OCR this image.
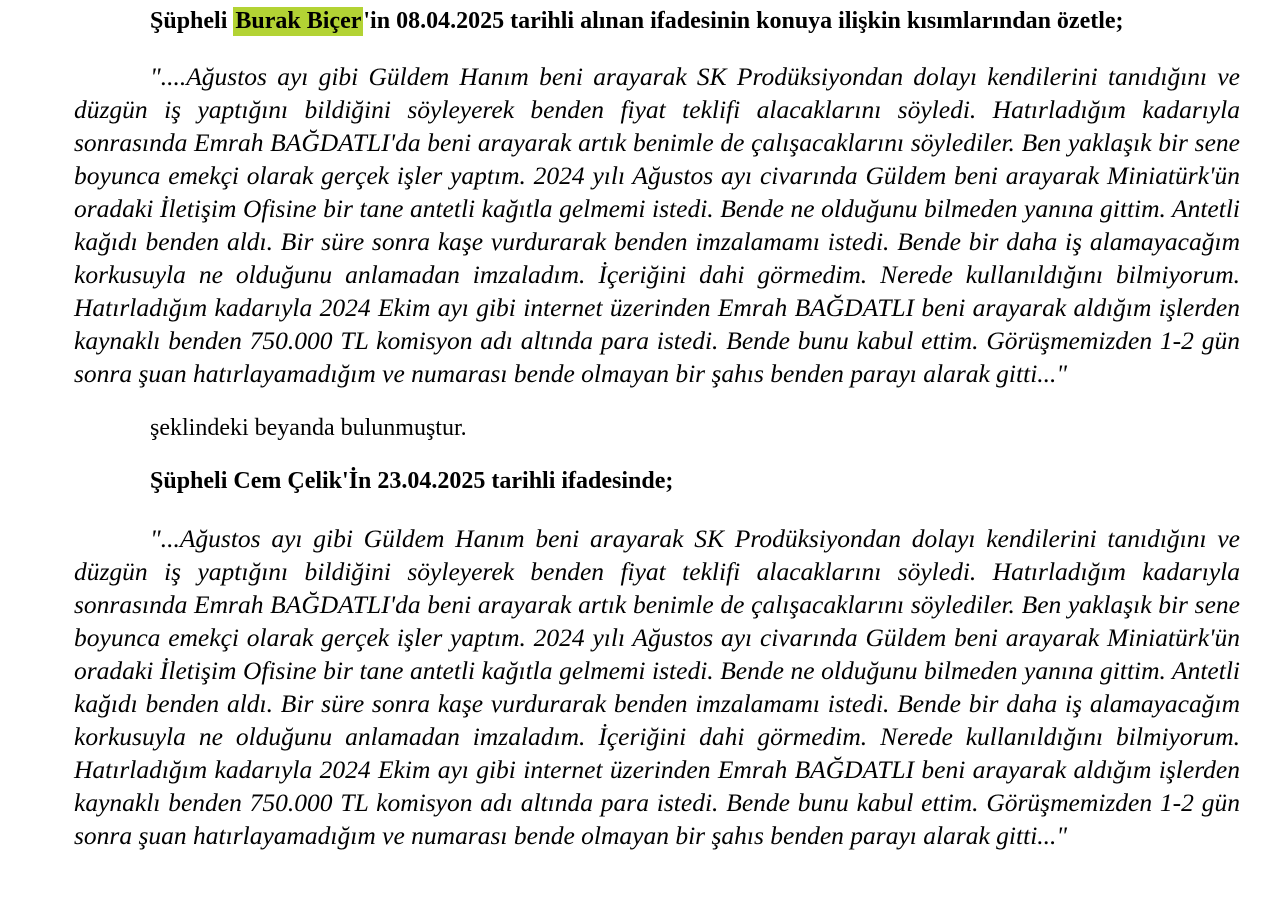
Şüpheli Burak Biçer'in 08.04.2025 tarihli alınan ifadesinin konuya ilişkin kısımlarından özetle;

"....Ağustos ayı gibi Güldem Hanım beni arayarak SK Prodüksiyondan dolayı kendilerini tanıdığını ve düzgün iş yaptığını bildiğini söyleyerek benden fiyat teklifi alacaklarını söyledi. Hatırladığım kadarıyla sonrasında Emrah BAĞDATLI'da beni arayarak artık benimle de çalışacaklarını söylediler. Ben yaklaşık bir sene boyunca emekçi olarak gerçek işler yaptım. 2024 yılı Ağustos ayı civarında Güldem beni arayarak Miniatürk'ün oradaki İletişim Ofisine bir tane antetli kağıtla gelmemi istedi. Bende ne olduğunu bilmeden yanına gittim. Antetli kağıdı benden aldı. Bir süre sonra kaşe vurdurarak benden imzalamamı istedi. Bende bir daha iş alamayacağım korkusuyla ne olduğunu anlamadan imzaladım. İçeriğini dahi görmedim. Nerede kullanıldığını bilmiyorum. Hatırladığım kadarıyla 2024 Ekim ayı gibi internet üzerinden Emrah BAĞDATLI beni arayarak aldığım işlerden kaynaklı benden 750.000 TL komisyon adı altında para istedi. Bende bunu kabul ettim. Görüşmemizden 1-2 gün sonra şuan hatırlayamadığım ve numarası bende olmayan bir şahıs benden parayı alarak gitti..."

şeklindeki beyanda bulunmuştur.

Şüpheli Cem Çelik'İn 23.04.2025 tarihli ifadesinde;

"...Ağustos ayı gibi Güldem Hanım beni arayarak SK Prodüksiyondan dolayı kendilerini tanıdığını ve düzgün iş yaptığını bildiğini söyleyerek benden fiyat teklifi alacaklarını söyledi. Hatırladığım kadarıyla sonrasında Emrah BAĞDATLI'da beni arayarak artık benimle de çalışacaklarını söylediler. Ben yaklaşık bir sene boyunca emekçi olarak gerçek işler yaptım. 2024 yılı Ağustos ayı civarında Güldem beni arayarak Miniatürk'ün oradaki İletişim Ofisine bir tane antetli kağıtla gelmemi istedi. Bende ne olduğunu bilmeden yanına gittim. Antetli kağıdı benden aldı. Bir süre sonra kaşe vurdurarak benden imzalamamı istedi. Bende bir daha iş alamayacağım korkusuyla ne olduğunu anlamadan imzaladım. İçeriğini dahi görmedim. Nerede kullanıldığını bilmiyorum. Hatırladığım kadarıyla 2024 Ekim ayı gibi internet üzerinden Emrah BAĞDATLI beni arayarak aldığım işlerden kaynaklı benden 750.000 TL komisyon adı altında para istedi. Bende bunu kabul ettim. Görüşmemizden 1-2 gün sonra şuan hatırlayamadığım ve numarası bende olmayan bir şahıs benden parayı alarak gitti..."
